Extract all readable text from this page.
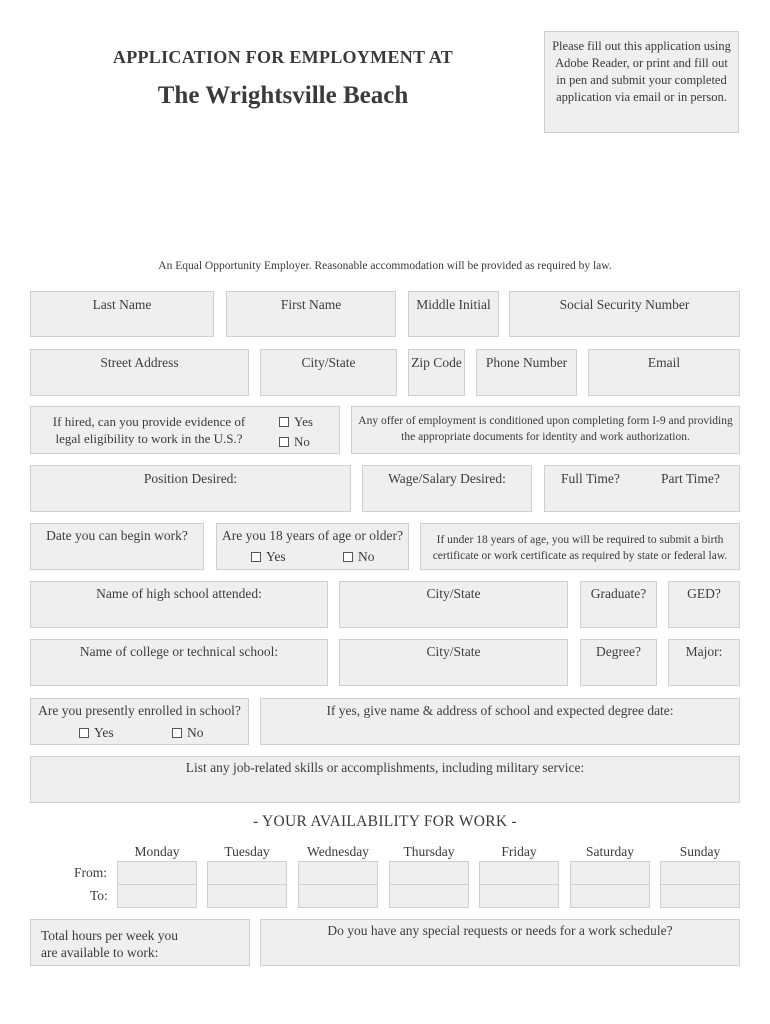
APPLICATION FOR EMPLOYMENT AT
The Wrightsville Beach
Please fill out this application using Adobe Reader, or print and fill out in pen and submit your completed application via email or in person.
An Equal Opportunity Employer. Reasonable accommodation will be provided as required by law.
Last Name	First Name	Middle Initial	Social Security Number
Street Address	City/State	Zip Code	Phone Number	Email
If hired, can you provide evidence of legal eligibility to work in the U.S.?
Yes
No
Any offer of employment is conditioned upon completing form I-9 and providing the appropriate documents for identity and work authorization.
Position Desired:	Wage/Salary Desired:	Full Time?	Part Time?
Date you can begin work?	Are you 18 years of age or older?
Yes	No
If under 18 years of age, you will be required to submit a birth certificate or work certificate as required by state or federal law.
Name of high school attended:	City/State	Graduate?	GED?
Name of college or technical school:	City/State	Degree?	Major:
Are you presently enrolled in school?
Yes	No
If yes, give name & address of school and expected degree date:
List any job-related skills or accomplishments, including military service:
- YOUR AVAILABILITY FOR WORK -
Monday	Tuesday	Wednesday	Thursday	Friday	Saturday	Sunday
From:
To:
Total hours per week you are available to work:
Do you have any special requests or needs for a work schedule?
